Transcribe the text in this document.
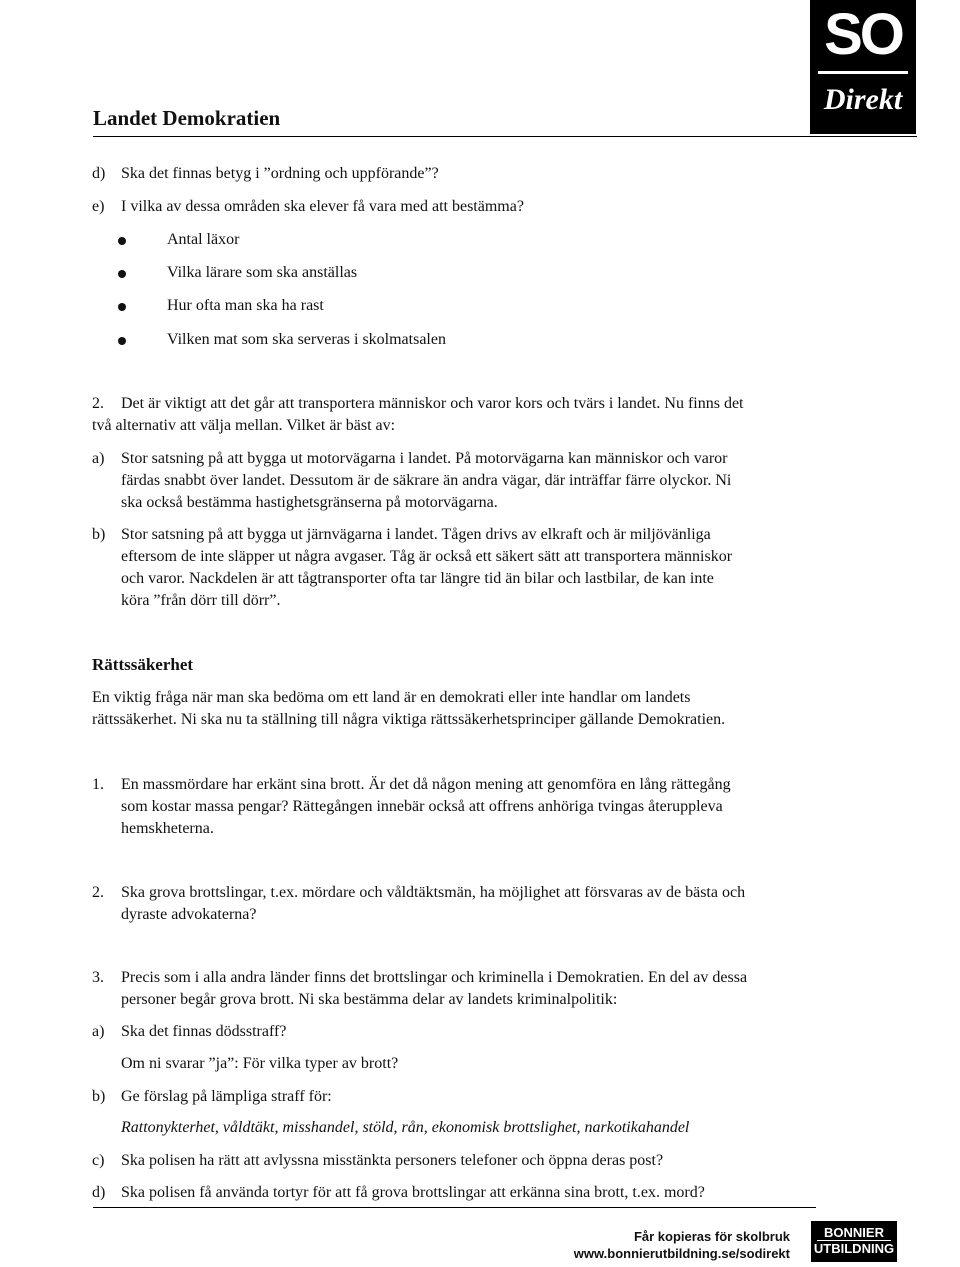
Landet Demokratien
SO
Direkt
d) Ska det finnas betyg i ”ordning och uppförande”?
e) I vilka av dessa områden ska elever få vara med att bestämma?
Antal läxor
Vilka lärare som ska anställas
Hur ofta man ska ha rast
Vilken mat som ska serveras i skolmatsalen
2. Det är viktigt att det går att transportera människor och varor kors och tvärs i landet. Nu finns det
två alternativ att välja mellan. Vilket är bäst av:
a) Stor satsning på att bygga ut motorvägarna i landet. På motorvägarna kan människor och varor
färdas snabbt över landet. Dessutom är de säkrare än andra vägar, där inträffar färre olyckor. Ni
ska också bestämma hastighetsgränserna på motorvägarna.
b) Stor satsning på att bygga ut järnvägarna i landet. Tågen drivs av elkraft och är miljövänliga
eftersom de inte släpper ut några avgaser. Tåg är också ett säkert sätt att transportera människor
och varor. Nackdelen är att tågtransporter ofta tar längre tid än bilar och lastbilar, de kan inte
köra ”från dörr till dörr”.
Rättssäkerhet
En viktig fråga när man ska bedöma om ett land är en demokrati eller inte handlar om landets
rättssäkerhet. Ni ska nu ta ställning till några viktiga rättssäkerhetsprinciper gällande Demokratien.
1. En massmördare har erkänt sina brott. Är det då någon mening att genomföra en lång rättegång
som kostar massa pengar? Rättegången innebär också att offrens anhöriga tvingas återuppleva
hemskheterna.
2. Ska grova brottslingar, t.ex. mördare och våldtäktsmän, ha möjlighet att försvaras av de bästa och
dyraste advokaterna?
3. Precis som i alla andra länder finns det brottslingar och kriminella i Demokratien. En del av dessa
personer begår grova brott. Ni ska bestämma delar av landets kriminalpolitik:
a) Ska det finnas dödsstraff?
Om ni svarar ”ja”: För vilka typer av brott?
b) Ge förslag på lämpliga straff för:
Rattonykterhet, våldtäkt, misshandel, stöld, rån, ekonomisk brottslighet, narkotikahandel
c) Ska polisen ha rätt att avlyssna misstänkta personers telefoner och öppna deras post?
d) Ska polisen få använda tortyr för att få grova brottslingar att erkänna sina brott, t.ex. mord?
Får kopieras för skolbruk
www.bonnierutbildning.se/sodirekt
BONNIER
UTBILDNING
